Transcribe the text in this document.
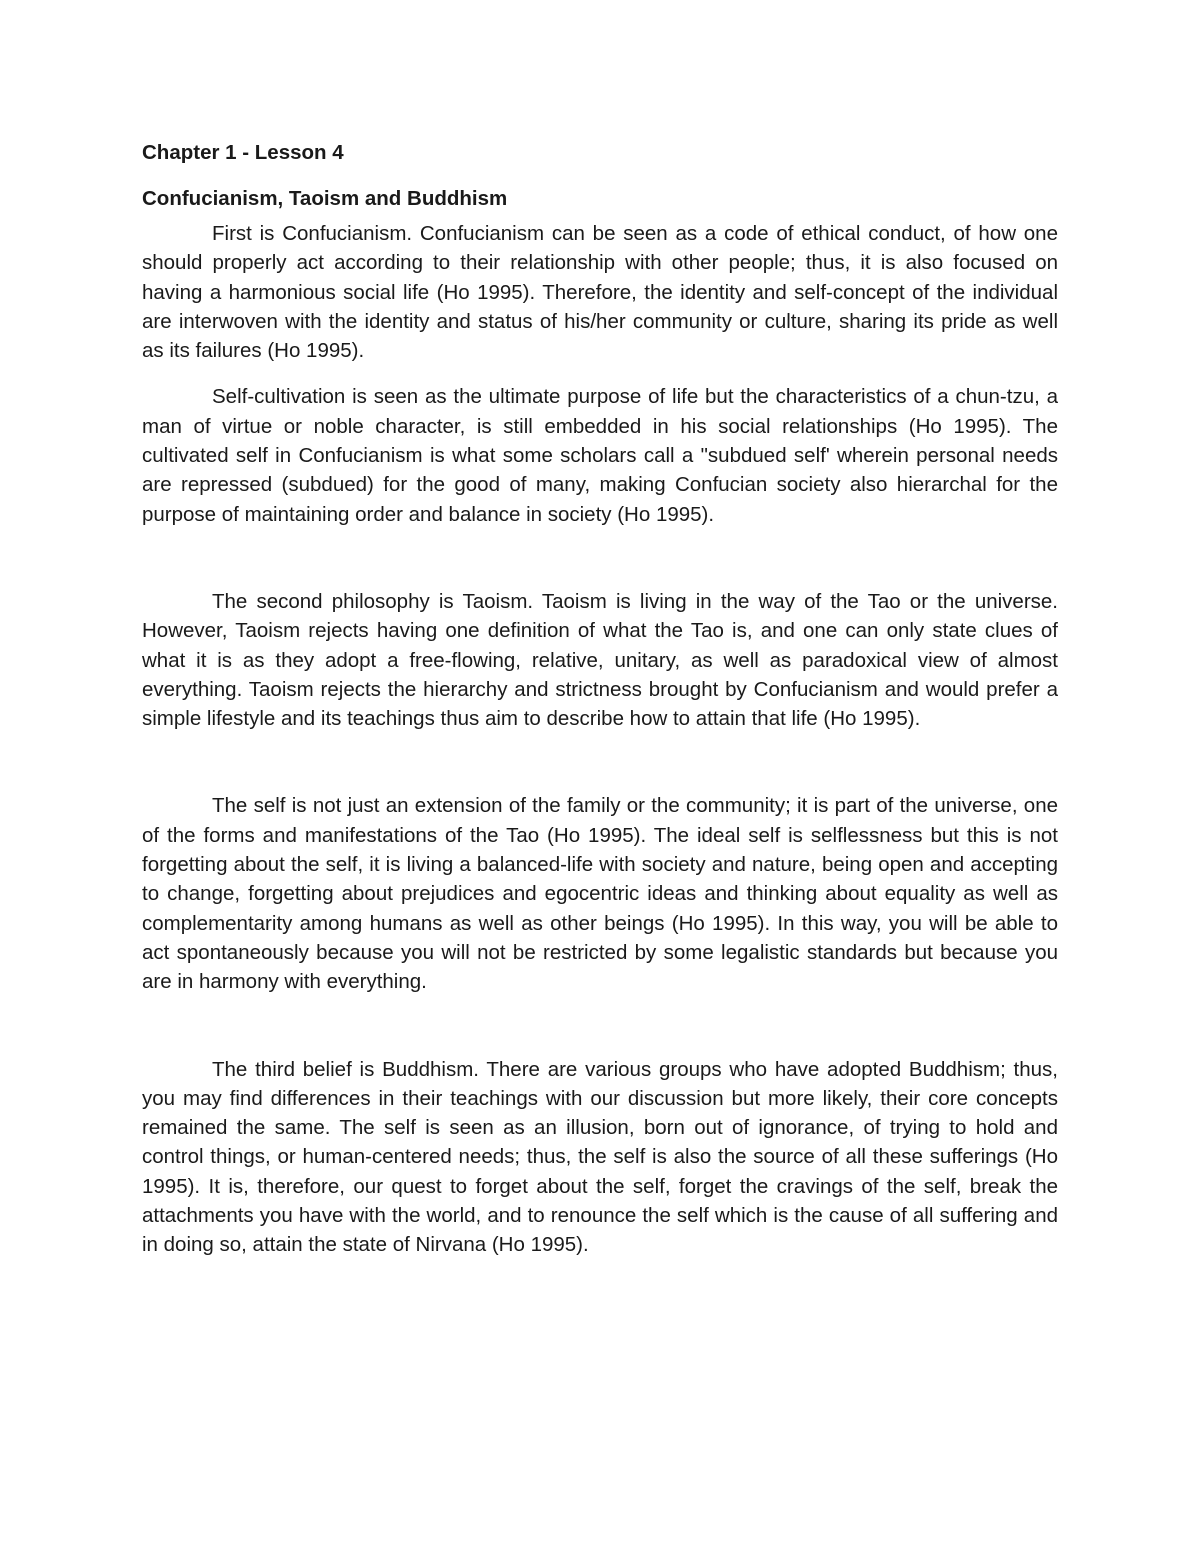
Chapter 1 - Lesson 4
Confucianism, Taoism and Buddhism

First is Confucianism. Confucianism can be seen as a code of ethical conduct, of how one should properly act according to their relationship with other people; thus, it is also focused on having a harmonious social life (Ho 1995). Therefore, the identity and self-concept of the individual are interwoven with the identity and status of his/her community or culture, sharing its pride as well as its failures (Ho 1995).

Self-cultivation is seen as the ultimate purpose of life but the characteristics of a chun-tzu, a man of virtue or noble character, is still embedded in his social relationships (Ho 1995). The cultivated self in Confucianism is what some scholars call a "subdued self' wherein personal needs are repressed (subdued) for the good of many, making Confucian society also hierarchal for the purpose of maintaining order and balance in society (Ho 1995).

The second philosophy is Taoism. Taoism is living in the way of the Tao or the universe. However, Taoism rejects having one definition of what the Tao is, and one can only state clues of what it is as they adopt a free-flowing, relative, unitary, as well as paradoxical view of almost everything. Taoism rejects the hierarchy and strictness brought by Confucianism and would prefer a simple lifestyle and its teachings thus aim to describe how to attain that life (Ho 1995).

The self is not just an extension of the family or the community; it is part of the universe, one of the forms and manifestations of the Tao (Ho 1995). The ideal self is selflessness but this is not forgetting about the self, it is living a balanced-life with society and nature, being open and accepting to change, forgetting about prejudices and egocentric ideas and thinking about equality as well as complementarity among humans as well as other beings (Ho 1995). In this way, you will be able to act spontaneously because you will not be restricted by some legalistic standards but because you are in harmony with everything.

The third belief is Buddhism. There are various groups who have adopted Buddhism; thus, you may find differences in their teachings with our discussion but more likely, their core concepts remained the same. The self is seen as an illusion, born out of ignorance, of trying to hold and control things, or human-centered needs; thus, the self is also the source of all these sufferings (Ho 1995). It is, therefore, our quest to forget about the self, forget the cravings of the self, break the attachments you have with the world, and to renounce the self which is the cause of all suffering and in doing so, attain the state of Nirvana (Ho 1995).
